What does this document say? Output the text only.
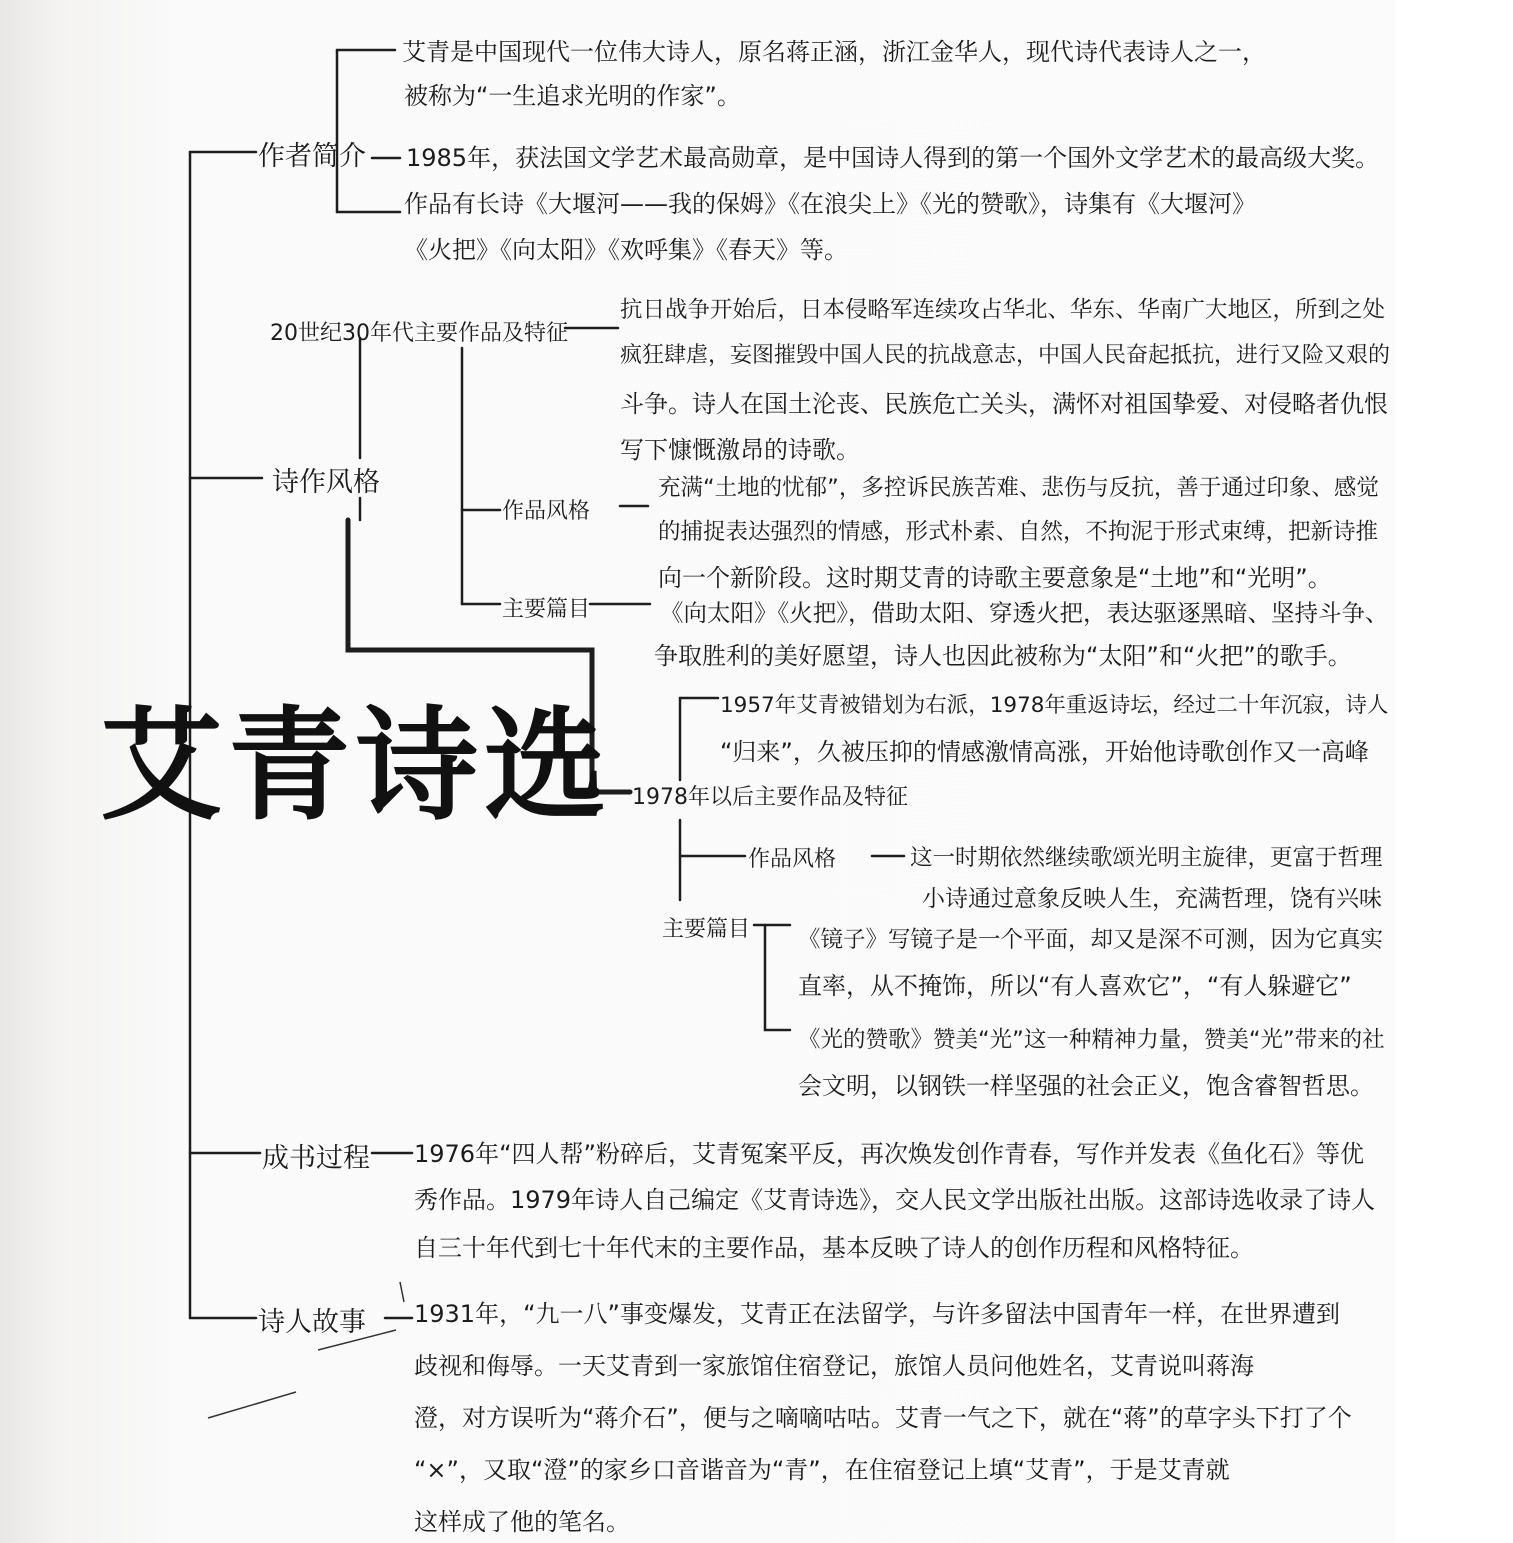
艾青诗选
作者简介
艾青是中国现代一位伟大诗人，原名蒋正涵，浙江金华人，现代诗代表诗人之一，
被称为“一生追求光明的作家”。
1985年，获法国文学艺术最高勋章，是中国诗人得到的第一个国外文学艺术的最高级大奖。
作品有长诗《大堰河——我的保姆》《在浪尖上》《光的赞歌》，诗集有《大堰河》
《火把》《向太阳》《欢呼集》《春天》等。
诗作风格
20世纪30年代主要作品及特征
抗日战争开始后，日本侵略军连续攻占华北、华东、华南广大地区，所到之处
疯狂肆虐，妄图摧毁中国人民的抗战意志，中国人民奋起抵抗，进行又险又艰的
斗争。诗人在国土沦丧、民族危亡关头，满怀对祖国挚爱、对侵略者仇恨
写下慷慨激昂的诗歌。
作品风格
充满“土地的忧郁”，多控诉民族苦难、悲伤与反抗，善于通过印象、感觉
的捕捉表达强烈的情感，形式朴素、自然，不拘泥于形式束缚，把新诗推
向一个新阶段。这时期艾青的诗歌主要意象是“土地”和“光明”。
主要篇目	《向太阳》《火把》，借助太阳、穿透火把，表达驱逐黑暗、坚持斗争、
争取胜利的美好愿望，诗人也因此被称为“太阳”和“火把”的歌手。
1957年艾青被错划为右派，1978年重返诗坛，经过二十年沉寂，诗人
“归来”，久被压抑的情感激情高涨，开始他诗歌创作又一高峰
1978年以后主要作品及特征
作品风格	这一时期依然继续歌颂光明主旋律，更富于哲理
小诗通过意象反映人生，充满哲理，饶有兴味
主要篇目 《镜子》写镜子是一个平面，却又是深不可测，因为它真实
直率，从不掩饰，所以“有人喜欢它”，“有人躲避它”
《光的赞歌》赞美“光”这一种精神力量，赞美“光”带来的社
会文明，以钢铁一样坚强的社会正义，饱含睿智哲思。
成书过程 1976年“四人帮”粉碎后，艾青冤案平反，再次焕发创作青春，写作并发表《鱼化石》等优
秀作品。1979年诗人自己编定《艾青诗选》，交人民文学出版社出版。这部诗选收录了诗人
自三十年代到七十年代末的主要作品，基本反映了诗人的创作历程和风格特征。
诗人故事 1931年，“九一八”事变爆发，艾青正在法留学，与许多留法中国青年一样，在世界遭到
歧视和侮辱。一天艾青到一家旅馆住宿登记，旅馆人员问他姓名，艾青说叫蒋海
澄，对方误听为“蒋介石”，便与之嘀嘀咕咕。艾青一气之下，就在“蒋”的草字头下打了个
“×”，又取“澄”的家乡口音谐音为“青”，在住宿登记上填“艾青”，于是艾青就
这样成了他的笔名。
